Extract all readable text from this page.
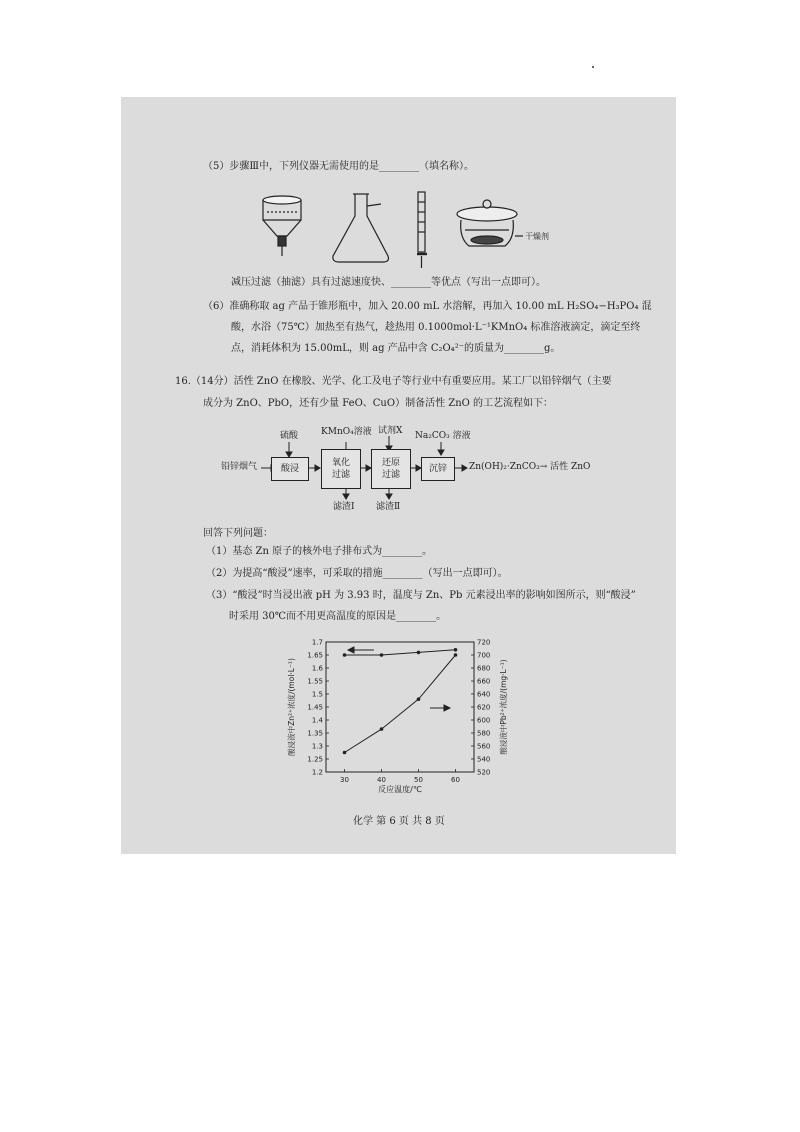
（5）步骤Ⅲ中，下列仪器无需使用的是________（填名称）。
干燥剂
减压过滤（抽滤）具有过滤速度快、________等优点（写出一点即可）。
（6）准确称取 ag 产品于锥形瓶中，加入 20.00 mL 水溶解，再加入 10.00 mL H₂SO₄−H₃PO₄ 混
酸，水浴（75℃）加热至有热气，趁热用 0.1000mol·L⁻¹KMnO₄ 标准溶液滴定，滴定至终
点，消耗体积为 15.00mL，则 ag 产品中含 C₂O₄²⁻的质量为________g。
16.（14分）活性 ZnO 在橡胶、光学、化工及电子等行业中有重要应用。某工厂以铅锌烟气（主要
成分为 ZnO、PbO，还有少量 FeO、CuO）制备活性 ZnO 的工艺流程如下：
铅锌烟气
硫酸
酸浸
KMnO₄溶液
氧化
过滤
滤渣Ⅰ
试剂X
还原
过滤
滤渣Ⅱ
Na₂CO₃ 溶液
沉锌	Zn(OH)₂·ZnCO₃→ 活性 ZnO
回答下列问题：
（1）基态 Zn 原子的核外电子排布式为________。
（2）为提高“酸浸”速率，可采取的措施________（写出一点即可）。
（3）“酸浸”时当浸出液 pH 为 3.93 时，温度与 Zn、Pb 元素浸出率的影响如图所示，则“酸浸”
时采用 30℃而不用更高温度的原因是________。
1.2
1.25
1.3
1.35
1.4
1.45
1.5
1.55
1.6
1.65
1.7
520
540
560
580
600
620
640
660
680
700
720
30	40	50	60
酸浸液中Zn²⁺浓度/(mol·L⁻¹)	酸浸液中Pb²⁺浓度/(mg·L⁻¹)
反应温度/℃
化学 第 6 页 共 8 页
